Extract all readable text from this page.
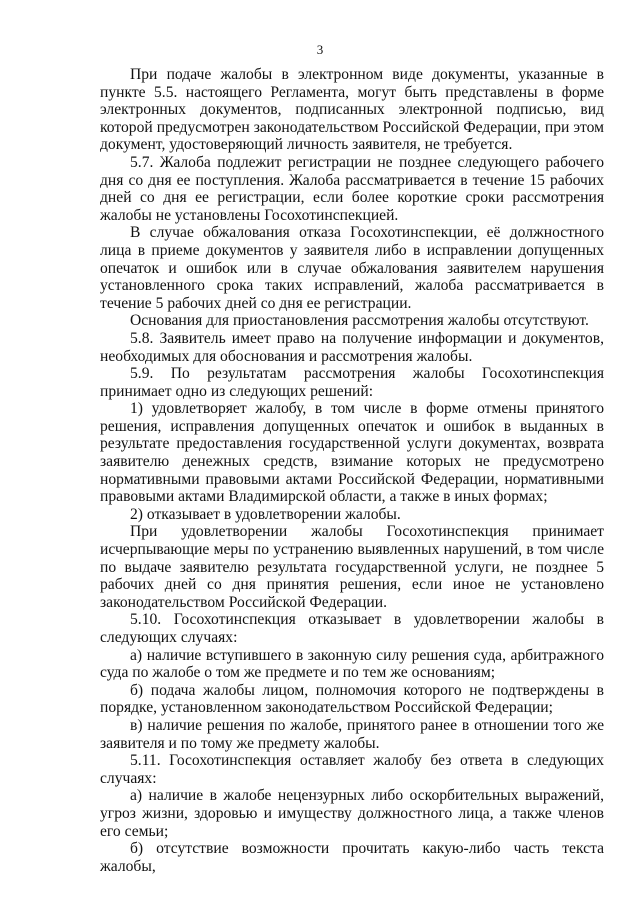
3

При подаче жалобы в электронном виде документы, указанные в пункте 5.5. настоящего Регламента, могут быть представлены в форме электронных документов, подписанных электронной подписью, вид которой предусмотрен законодательством Российской Федерации, при этом документ, удостоверяющий личность заявителя, не требуется.

5.7. Жалоба подлежит регистрации не позднее следующего рабочего дня со дня ее поступления. Жалоба рассматривается в течение 15 рабочих дней со дня ее регистрации, если более короткие сроки рассмотрения жалобы не установлены Госохотинспекцией.

В случае обжалования отказа Госохотинспекции, её должностного лица в приеме документов у заявителя либо в исправлении допущенных опечаток и ошибок или в случае обжалования заявителем нарушения установленного срока таких исправлений, жалоба рассматривается в течение 5 рабочих дней со дня ее регистрации.

Основания для приостановления рассмотрения жалобы отсутствуют.

5.8. Заявитель имеет право на получение информации и документов, необходимых для обоснования и рассмотрения жалобы.

5.9. По результатам рассмотрения жалобы Госохотинспекция принимает одно из следующих решений:

1) удовлетворяет жалобу, в том числе в форме отмены принятого решения, исправления допущенных опечаток и ошибок в выданных в результате предоставления государственной услуги документах, возврата заявителю денежных средств, взимание которых не предусмотрено нормативными правовыми актами Российской Федерации, нормативными правовыми актами Владимирской области, а также в иных формах;

2) отказывает в удовлетворении жалобы.

При удовлетворении жалобы Госохотинспекция принимает исчерпывающие меры по устранению выявленных нарушений, в том числе по выдаче заявителю результата государственной услуги, не позднее 5 рабочих дней со дня принятия решения, если иное не установлено законодательством Российской Федерации.

5.10. Госохотинспекция отказывает в удовлетворении жалобы в следующих случаях:

а) наличие вступившего в законную силу решения суда, арбитражного суда по жалобе о том же предмете и по тем же основаниям;

б) подача жалобы лицом, полномочия которого не подтверждены в порядке, установленном законодательством Российской Федерации;

в) наличие решения по жалобе, принятого ранее в отношении того же заявителя и по тому же предмету жалобы.

5.11. Госохотинспекция оставляет жалобу без ответа в следующих случаях:

а) наличие в жалобе нецензурных либо оскорбительных выражений, угроз жизни, здоровью и имуществу должностного лица, а также членов его семьи;

б) отсутствие возможности прочитать какую-либо часть текста жалобы,
